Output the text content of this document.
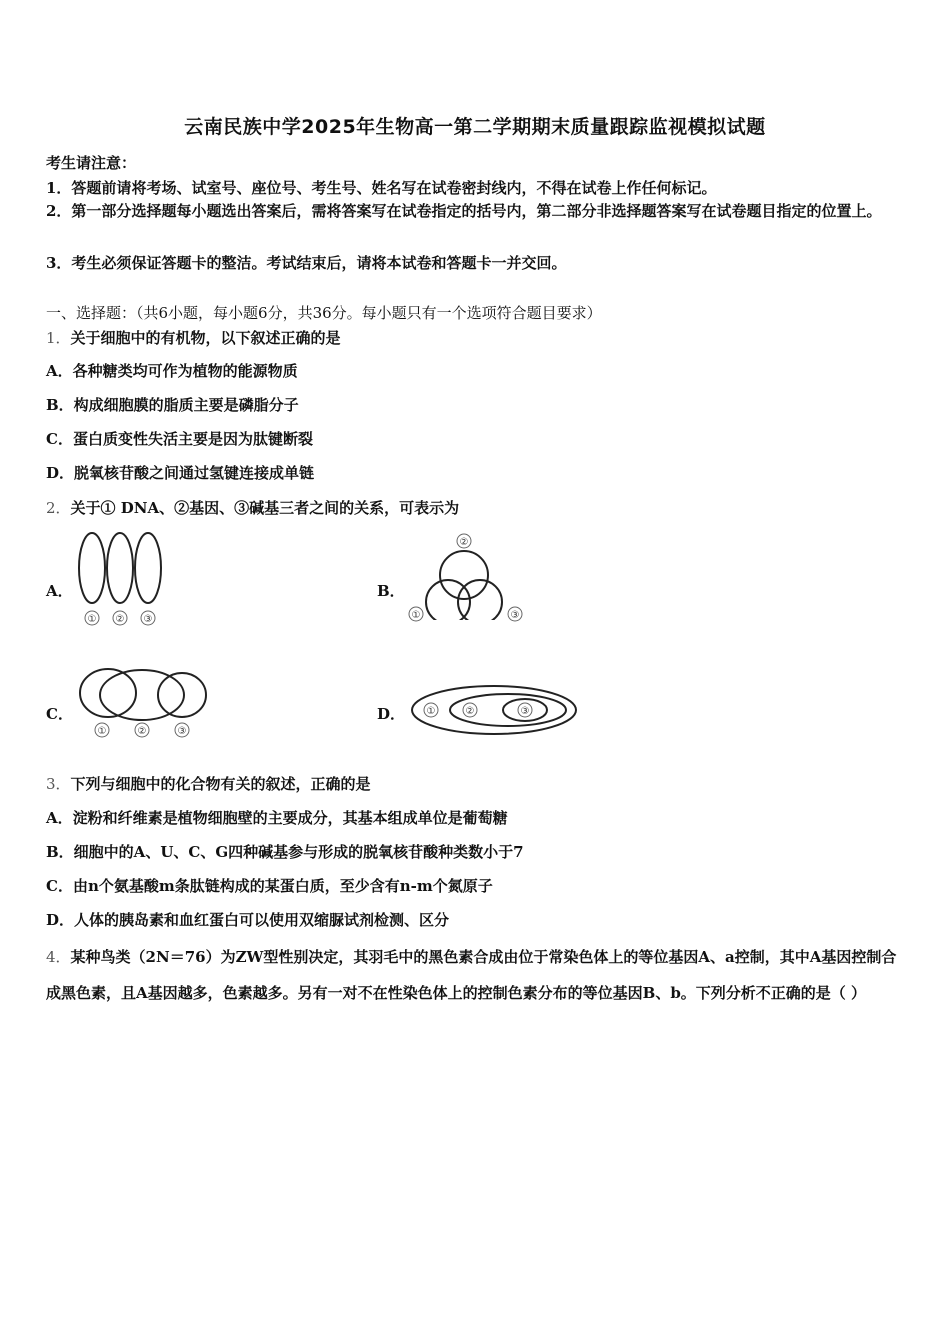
云南民族中学2025年生物高一第二学期期末质量跟踪监视模拟试题
考生请注意：
1．答题前请将考场、试室号、座位号、考生号、姓名写在试卷密封线内，不得在试卷上作任何标记。
2．第一部分选择题每小题选出答案后，需将答案写在试卷指定的括号内，第二部分非选择题答案写在试卷题目指定的位置上。
3．考生必须保证答题卡的整洁。考试结束后，请将本试卷和答题卡一并交回。
一、选择题：（共6小题，每小题6分，共36分。每小题只有一个选项符合题目要求）
1．关于细胞中的有机物，以下叙述正确的是
A．各种糖类均可作为植物的能源物质
B．构成细胞膜的脂质主要是磷脂分子
C．蛋白质变性失活主要是因为肽键断裂
D．脱氧核苷酸之间通过氢键连接成单链
2．关于① DNA、②基因、③碱基三者之间的关系，可表示为
A．
① ② ③
B．
①
②
③
C．
①	②	③
D． ①	②	③
3．下列与细胞中的化合物有关的叙述，正确的是
A．淀粉和纤维素是植物细胞壁的主要成分，其基本组成单位是葡萄糖
B．细胞中的A、U、C、G四种碱基参与形成的脱氧核苷酸种类数小于7
C．由n个氨基酸m条肽链构成的某蛋白质，至少含有n-m个氮原子
D．人体的胰岛素和血红蛋白可以使用双缩脲试剂检测、区分
4．某种鸟类（2N＝76）为ZW型性别决定，其羽毛中的黑色素合成由位于常染色体上的等位基因A、a控制，其中A基因控制合成黑色素，且A基因越多，色素越多。另有一对不在性染色体上的控制色素分布的等位基因B、b。下列分析不正确的是（ ）
